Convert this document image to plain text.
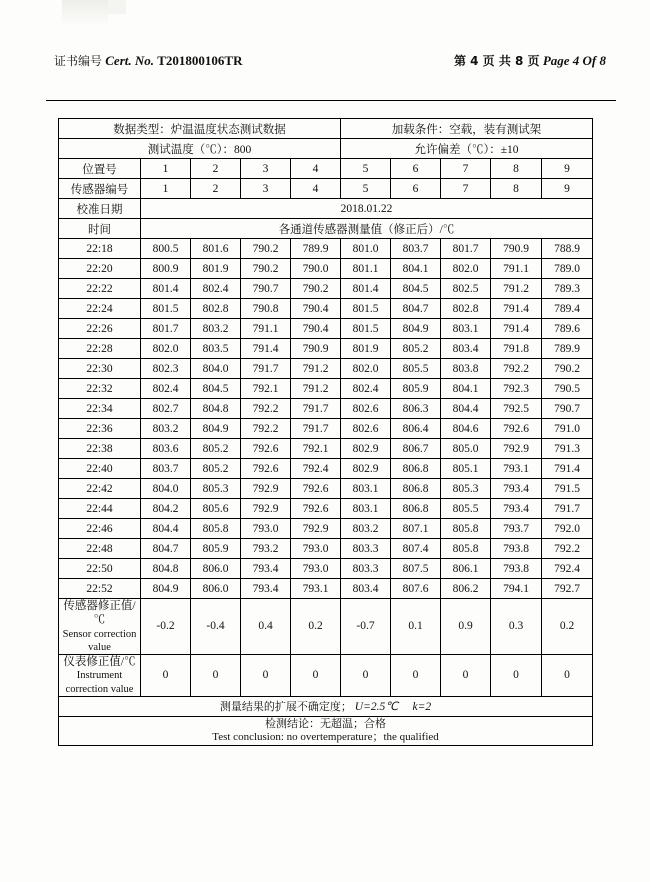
证书编号 Cert. No. T201800106TR	第 4 页 共 8 页 Page 4 Of 8
数据类型：炉温温度状态测试数据					加载条件：空载，装有测试架				
测试温度（℃）：800					允许偏差（℃）：±10				
位置号	1	2	3	4	5	6	7	8	9
传感器编号	1	2	3	4	5	6	7	8	9
校准日期	2018.01.22								
时间	各通道传感器测量值（修正后）/℃								
22:18	800.5	801.6	790.2	789.9	801.0	803.7	801.7	790.9	788.9
22:20	800.9	801.9	790.2	790.0	801.1	804.1	802.0	791.1	789.0
22:22	801.4	802.4	790.7	790.2	801.4	804.5	802.5	791.2	789.3
22:24	801.5	802.8	790.8	790.4	801.5	804.7	802.8	791.4	789.4
22:26	801.7	803.2	791.1	790.4	801.5	804.9	803.1	791.4	789.6
22:28	802.0	803.5	791.4	790.9	801.9	805.2	803.4	791.8	789.9
22:30	802.3	804.0	791.7	791.2	802.0	805.5	803.8	792.2	790.2
22:32	802.4	804.5	792.1	791.2	802.4	805.9	804.1	792.3	790.5
22:34	802.7	804.8	792.2	791.7	802.6	806.3	804.4	792.5	790.7
22:36	803.2	804.9	792.2	791.7	802.6	806.4	804.6	792.6	791.0
22:38	803.6	805.2	792.6	792.1	802.9	806.7	805.0	792.9	791.3
22:40	803.7	805.2	792.6	792.4	802.9	806.8	805.1	793.1	791.4
22:42	804.0	805.3	792.9	792.6	803.1	806.8	805.3	793.4	791.5
22:44	804.2	805.6	792.9	792.6	803.1	806.8	805.5	793.4	791.7
22:46	804.4	805.8	793.0	792.9	803.2	807.1	805.8	793.7	792.0
22:48	804.7	805.9	793.2	793.0	803.3	807.4	805.8	793.8	792.2
22:50	804.8	806.0	793.4	793.0	803.3	807.5	806.1	793.8	792.4
22:52	804.9	806.0	793.4	793.1	803.4	807.6	806.2	794.1	792.7
传感器修正值/℃
Sensor correction value	-0.2	-0.4	0.4	0.2	-0.7	0.1	0.9	0.3	0.2
仪表修正值/℃
Instrument correction value	0	0	0	0	0	0	0	0	0
测量结果的扩展不确定度； U=2.5℃ k=2									
检测结论：无超温；合格
Test conclusion: no overtemperature；the qualified									
